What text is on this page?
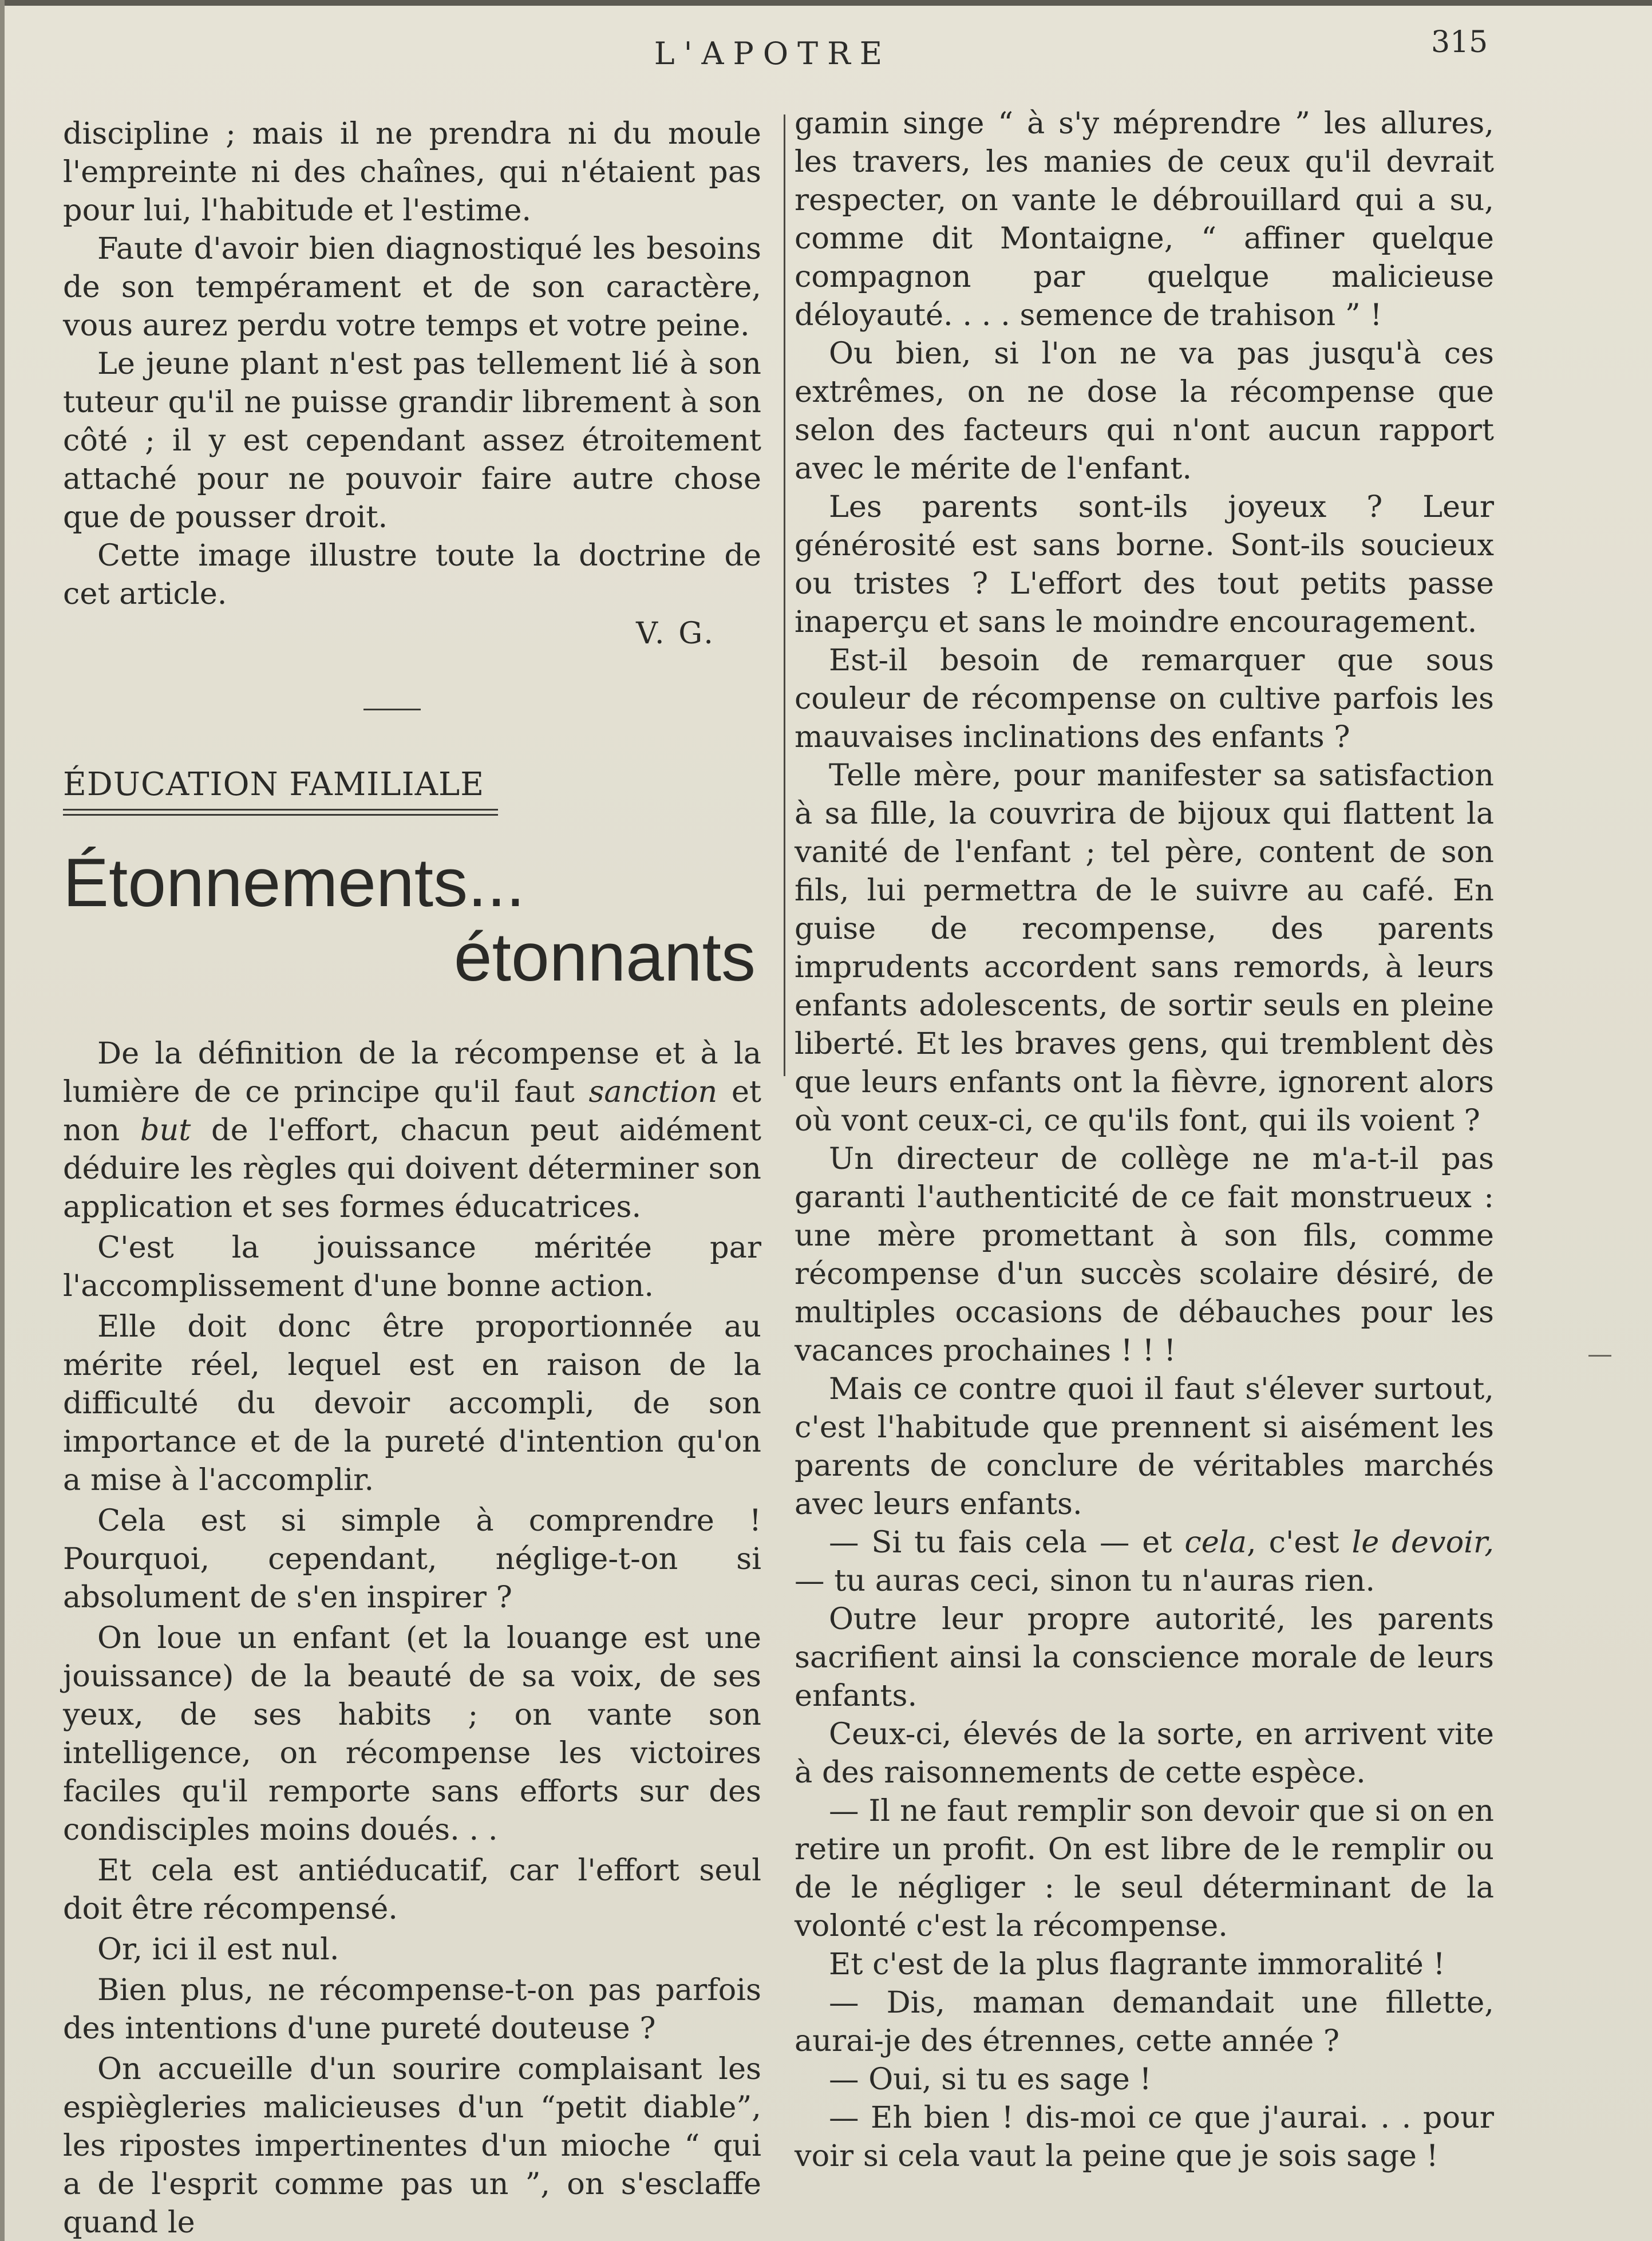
L'APOTRE	315

discipline ; mais il ne prendra ni du moule l'empreinte ni des chaînes, qui n'étaient pas pour lui, l'habitude et l'estime.

Faute d'avoir bien diagnostiqué les besoins de son tempérament et de son caractère, vous aurez perdu votre temps et votre peine.

Le jeune plant n'est pas tellement lié à son tuteur qu'il ne puisse grandir librement à son côté ; il y est cependant assez étroitement attaché pour ne pouvoir faire autre chose que de pousser droit.

Cette image illustre toute la doctrine de cet article.

V. G.
ÉDUCATION FAMILIALE
Étonnements...
étonnants

De la définition de la récompense et à la lumière de ce principe qu'il faut sanction et non but de l'effort, chacun peut aidément déduire les règles qui doivent déterminer son application et ses formes éducatrices.

C'est la jouissance méritée par l'accomplissement d'une bonne action.

Elle doit donc être proportionnée au mérite réel, lequel est en raison de la difficulté du devoir accompli, de son importance et de la pureté d'intention qu'on a mise à l'accomplir.

Cela est si simple à comprendre ! Pourquoi, cependant, néglige-t-on si absolument de s'en inspirer ?

On loue un enfant (et la louange est une jouissance) de la beauté de sa voix, de ses yeux, de ses habits ; on vante son intelligence, on récompense les victoires faciles qu'il remporte sans efforts sur des condisciples moins doués. . .

Et cela est antiéducatif, car l'effort seul doit être récompensé.

Or, ici il est nul.

Bien plus, ne récompense-t-on pas parfois des intentions d'une pureté douteuse ?

On accueille d'un sourire complaisant les espiègleries malicieuses d'un “petit diable”, les ripostes impertinentes d'un mioche “ qui a de l'esprit comme pas un ”, on s'esclaffe quand le

gamin singe “ à s'y méprendre ” les allures, les travers, les manies de ceux qu'il devrait respecter, on vante le débrouillard qui a su, comme dit Montaigne, “ affiner quelque compagnon par quelque malicieuse déloyauté. . . . semence de trahison ” !

Ou bien, si l'on ne va pas jusqu'à ces extrêmes, on ne dose la récompense que selon des facteurs qui n'ont aucun rapport avec le mérite de l'enfant.

Les parents sont-ils joyeux ? Leur générosité est sans borne. Sont-ils soucieux ou tristes ? L'effort des tout petits passe inaperçu et sans le moindre encouragement.

Est-il besoin de remarquer que sous couleur de récompense on cultive parfois les mauvaises inclinations des enfants ?

Telle mère, pour manifester sa satisfaction à sa fille, la couvrira de bijoux qui flattent la vanité de l'enfant ; tel père, content de son fils, lui permettra de le suivre au café. En guise de recompense, des parents imprudents accordent sans remords, à leurs enfants adolescents, de sortir seuls en pleine liberté. Et les braves gens, qui tremblent dès que leurs enfants ont la fièvre, ignorent alors où vont ceux-ci, ce qu'ils font, qui ils voient ?

Un directeur de collège ne m'a-t-il pas garanti l'authenticité de ce fait monstrueux : une mère promettant à son fils, comme récompense d'un succès scolaire désiré, de multiples occasions de débauches pour les vacances prochaines ! ! !

Mais ce contre quoi il faut s'élever surtout, c'est l'habitude que prennent si aisément les parents de conclure de véritables marchés avec leurs enfants.

— Si tu fais cela — et cela, c'est le devoir,— tu auras ceci, sinon tu n'auras rien.

Outre leur propre autorité, les parents sacrifient ainsi la conscience morale de leurs enfants.

Ceux-ci, élevés de la sorte, en arrivent vite à des raisonnements de cette espèce.

— Il ne faut remplir son devoir que si on en retire un profit. On est libre de le remplir ou de le négliger : le seul déterminant de la volonté c'est la récompense.

Et c'est de la plus flagrante immoralité !

— Dis, maman demandait une fillette, aurai-je des étrennes, cette année ?

— Oui, si tu es sage !

— Eh bien ! dis-moi ce que j'aurai. . . pour voir si cela vaut la peine que je sois sage !
